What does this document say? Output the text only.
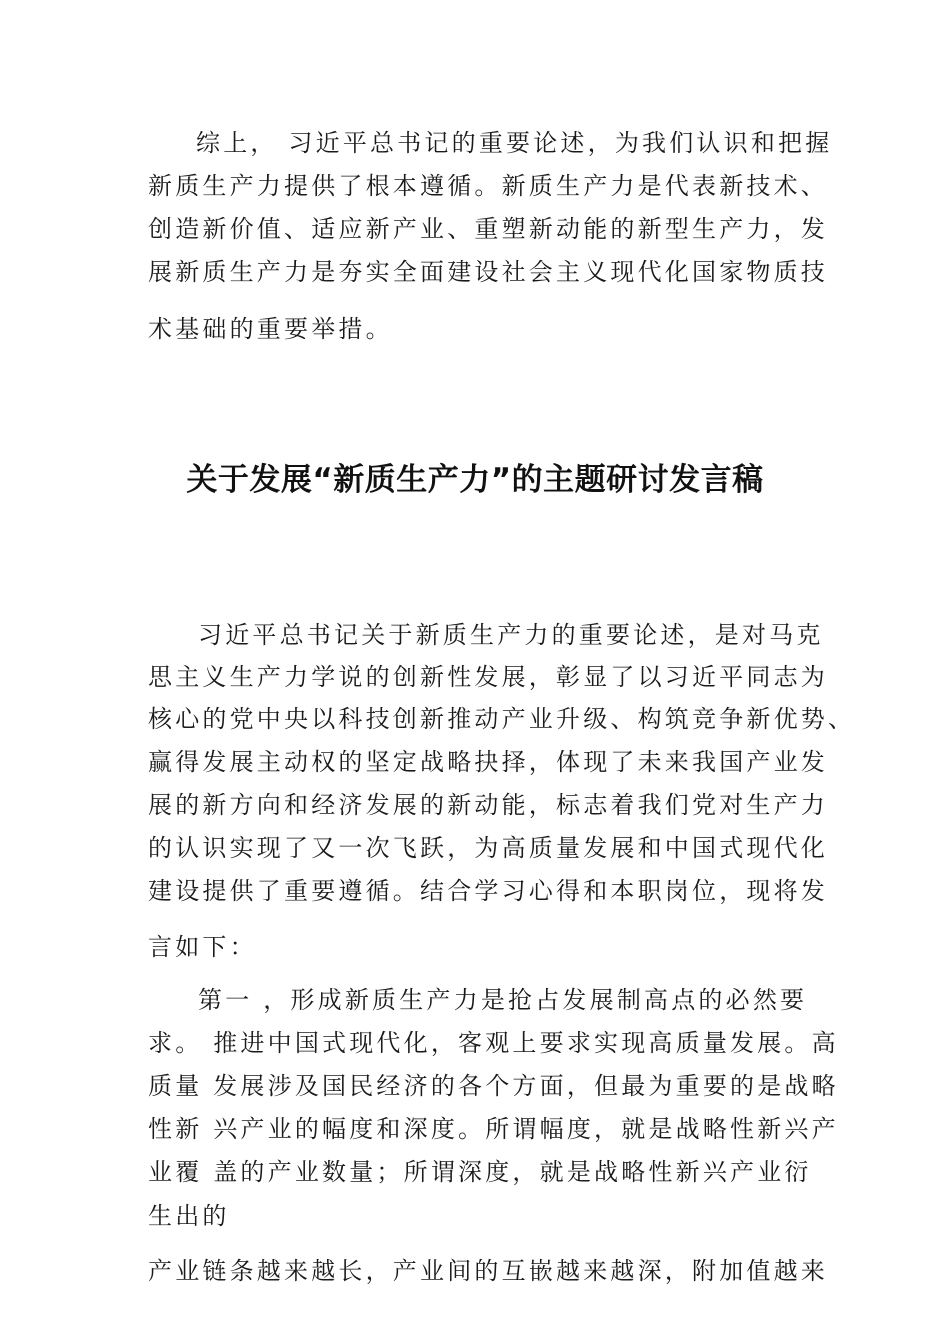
综上， 习近平总书记的重要论述，为我们认识和把握
新质生产力提供了根本遵循。新质生产力是代表新技术、
创造新价值、适应新产业、重塑新动能的新型生产力，发
展新质生产力是夯实全面建设社会主义现代化国家物质技
术基础的重要举措。
关于发展“新质生产力”的主题研讨发言稿
习近平总书记关于新质生产力的重要论述，是对马克
思主义生产力学说的创新性发展，彰显了以习近平同志为
核心的党中央以科技创新推动产业升级、构筑竞争新优势、
赢得发展主动权的坚定战略抉择，体现了未来我国产业发
展的新方向和经济发展的新动能，标志着我们党对生产力
的认识实现了又一次飞跃，为高质量发展和中国式现代化
建设提供了重要遵循。结合学习心得和本职岗位，现将发
言如下：
第一 ，形成新质生产力是抢占发展制高点的必然要
求。 推进中国式现代化，客观上要求实现高质量发展。高
质量 发展涉及国民经济的各个方面，但最为重要的是战略
性新 兴产业的幅度和深度。所谓幅度，就是战略性新兴产
业覆 盖的产业数量；所谓深度，就是战略性新兴产业衍
生出的
产业链条越来越长，产业间的互嵌越来越深，附加值越来
